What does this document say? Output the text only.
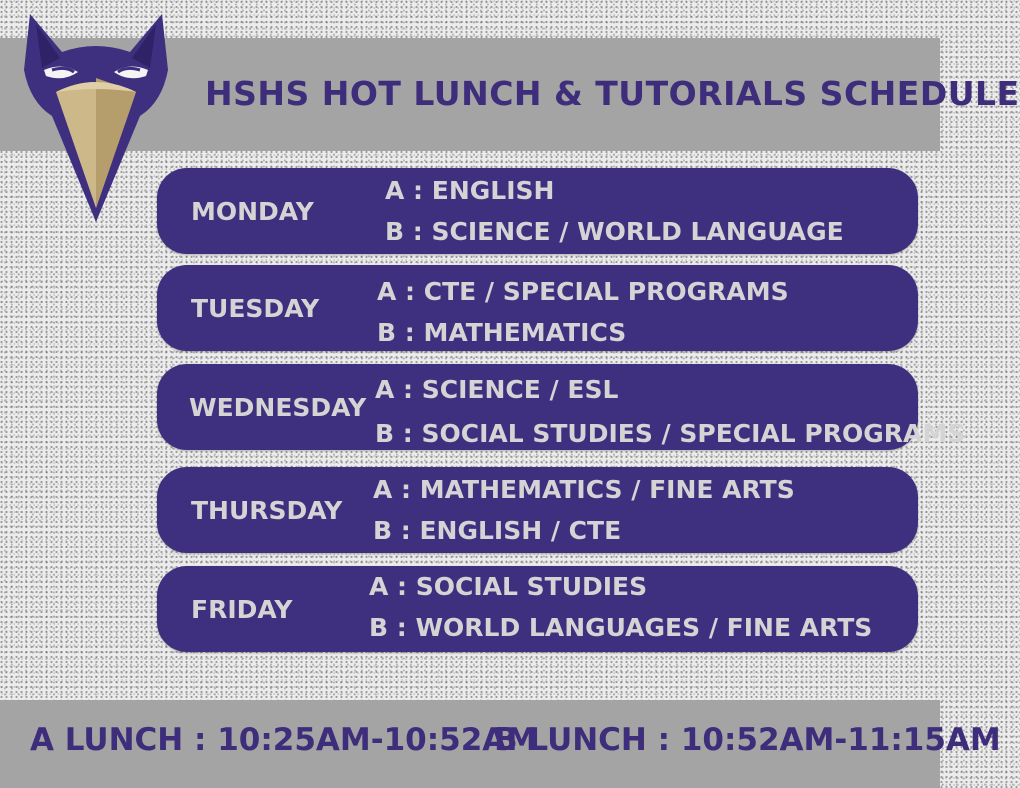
HSHS HOT LUNCH & TUTORIALS SCHEDULE
MONDAY
A : ENGLISH
B : SCIENCE / WORLD LANGUAGE
TUESDAY
A : CTE / SPECIAL PROGRAMS
B : MATHEMATICS
WEDNESDAY
A : SCIENCE / ESL
B : SOCIAL STUDIES / SPECIAL PROGRAMS
THURSDAY
A : MATHEMATICS / FINE ARTS
B : ENGLISH / CTE
FRIDAY
A : SOCIAL STUDIES
B : WORLD LANGUAGES / FINE ARTS
A LUNCH : 10:25AM-10:52AM
B LUNCH : 10:52AM-11:15AM
